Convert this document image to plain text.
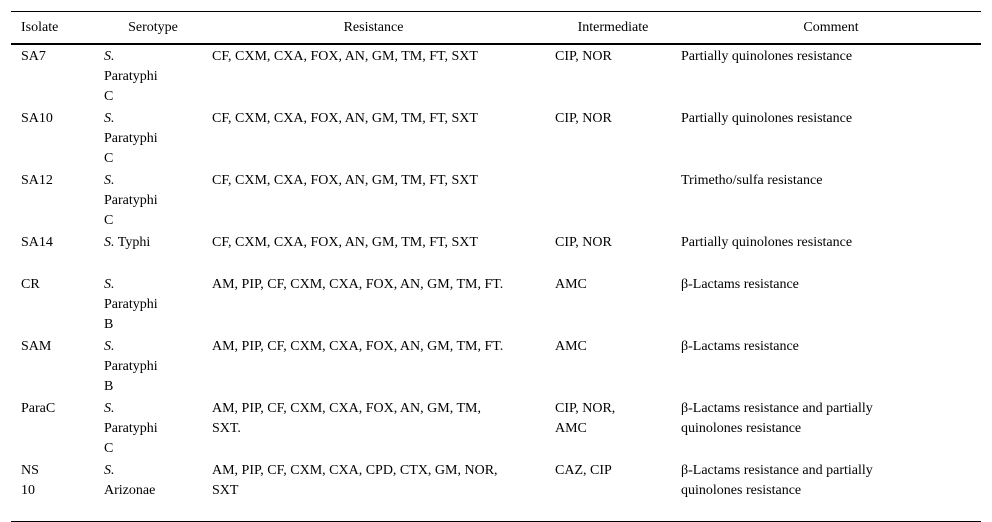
Isolate	Serotype	Resistance	Intermediate	Comment
SA7	S. Paratyphi C	CF, CXM, CXA, FOX, AN, GM, TM, FT, SXT	CIP, NOR	Partially quinolones resistance

SA10	S. Paratyphi C	CF, CXM, CXA, FOX, AN, GM, TM, FT, SXT	CIP, NOR	Partially quinolones resistance

SA12	S. Paratyphi C	CF, CXM, CXA, FOX, AN, GM, TM, FT, SXT		Trimetho/sulfa resistance

SA14	S. Typhi	CF, CXM, CXA, FOX, AN, GM, TM, FT, SXT	CIP, NOR	Partially quinolones resistance

CR	S. Paratyphi B	AM, PIP, CF, CXM, CXA, FOX, AN, GM, TM, FT.	AMC	β-Lactams resistance

SAM	S. Paratyphi B	AM, PIP, CF, CXM, CXA, FOX, AN, GM, TM, FT.	AMC	β-Lactams resistance

ParaC	S. Paratyphi C	AM, PIP, CF, CXM, CXA, FOX, AN, GM, TM, SXT.	CIP, NOR, AMC	β-Lactams resistance and partially quinolones resistance

NS 10	S. Arizonae	AM, PIP, CF, CXM, CXA, CPD, CTX, GM, NOR, SXT	CAZ, CIP	β-Lactams resistance and partially quinolones resistance
